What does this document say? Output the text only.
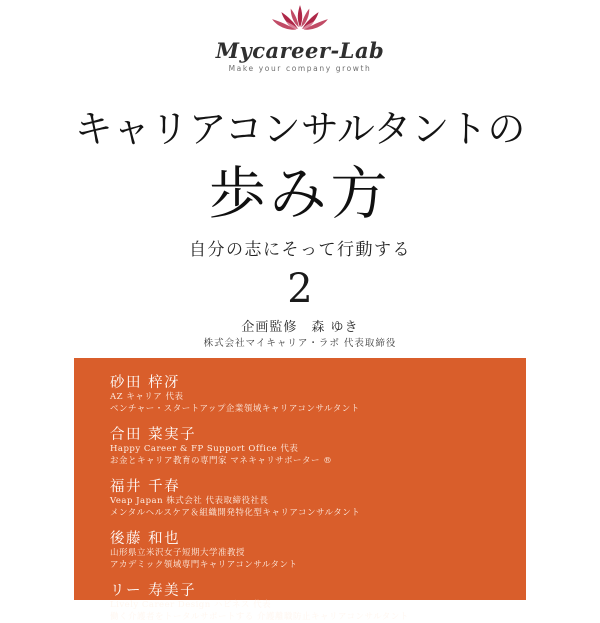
Mycareer-Lab
Make your company growth
キャリアコンサルタントの
歩み方
自分の志にそって行動する
2
企画監修　森 ゆき
株式会社マイキャリア・ラボ 代表取締役
砂田 梓冴
AZ キャリア 代表
ベンチャー・スタートアップ企業領域キャリアコンサルタント
合田 菜実子
Happy Career & FP Support Office 代表
お金とキャリア教育の専門家 マネキャリサポーター ®
福井 千春
Veap Japan 株式会社 代表取締役社長
メンタルヘルスケア＆組織開発特化型キャリアコンサルタント
後藤 和也
山形県立米沢女子短期大学准教授
アカデミック領域専門キャリアコンサルタント
リー 寿美子
Lively Career Design ハピネス 代表
働く介護者をトータルサポートする 介護離職防止キャリアコンサルタント
